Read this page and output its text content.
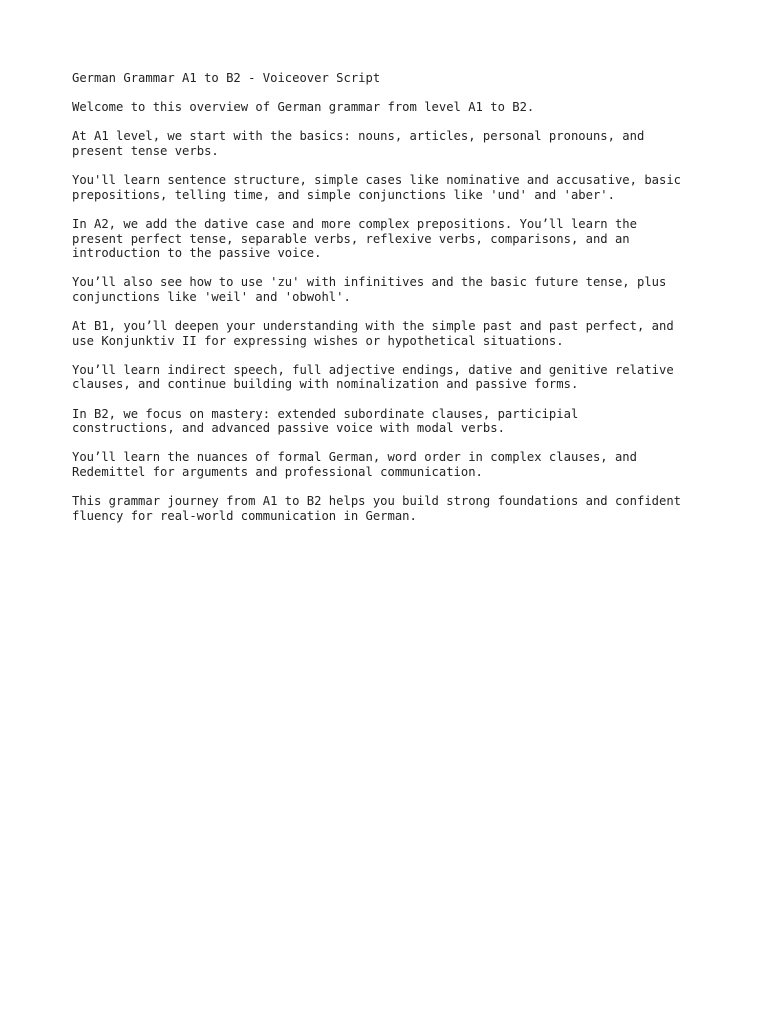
German Grammar A1 to B2 - Voiceover Script

Welcome to this overview of German grammar from level A1 to B2.

At A1 level, we start with the basics: nouns, articles, personal pronouns, and
present tense verbs.

You'll learn sentence structure, simple cases like nominative and accusative, basic
prepositions, telling time, and simple conjunctions like 'und' and 'aber'.

In A2, we add the dative case and more complex prepositions. You’ll learn the
present perfect tense, separable verbs, reflexive verbs, comparisons, and an
introduction to the passive voice.

You’ll also see how to use 'zu' with infinitives and the basic future tense, plus
conjunctions like 'weil' and 'obwohl'.

At B1, you’ll deepen your understanding with the simple past and past perfect, and
use Konjunktiv II for expressing wishes or hypothetical situations.

You’ll learn indirect speech, full adjective endings, dative and genitive relative
clauses, and continue building with nominalization and passive forms.

In B2, we focus on mastery: extended subordinate clauses, participial
constructions, and advanced passive voice with modal verbs.

You’ll learn the nuances of formal German, word order in complex clauses, and
Redemittel for arguments and professional communication.

This grammar journey from A1 to B2 helps you build strong foundations and confident
fluency for real-world communication in German.
